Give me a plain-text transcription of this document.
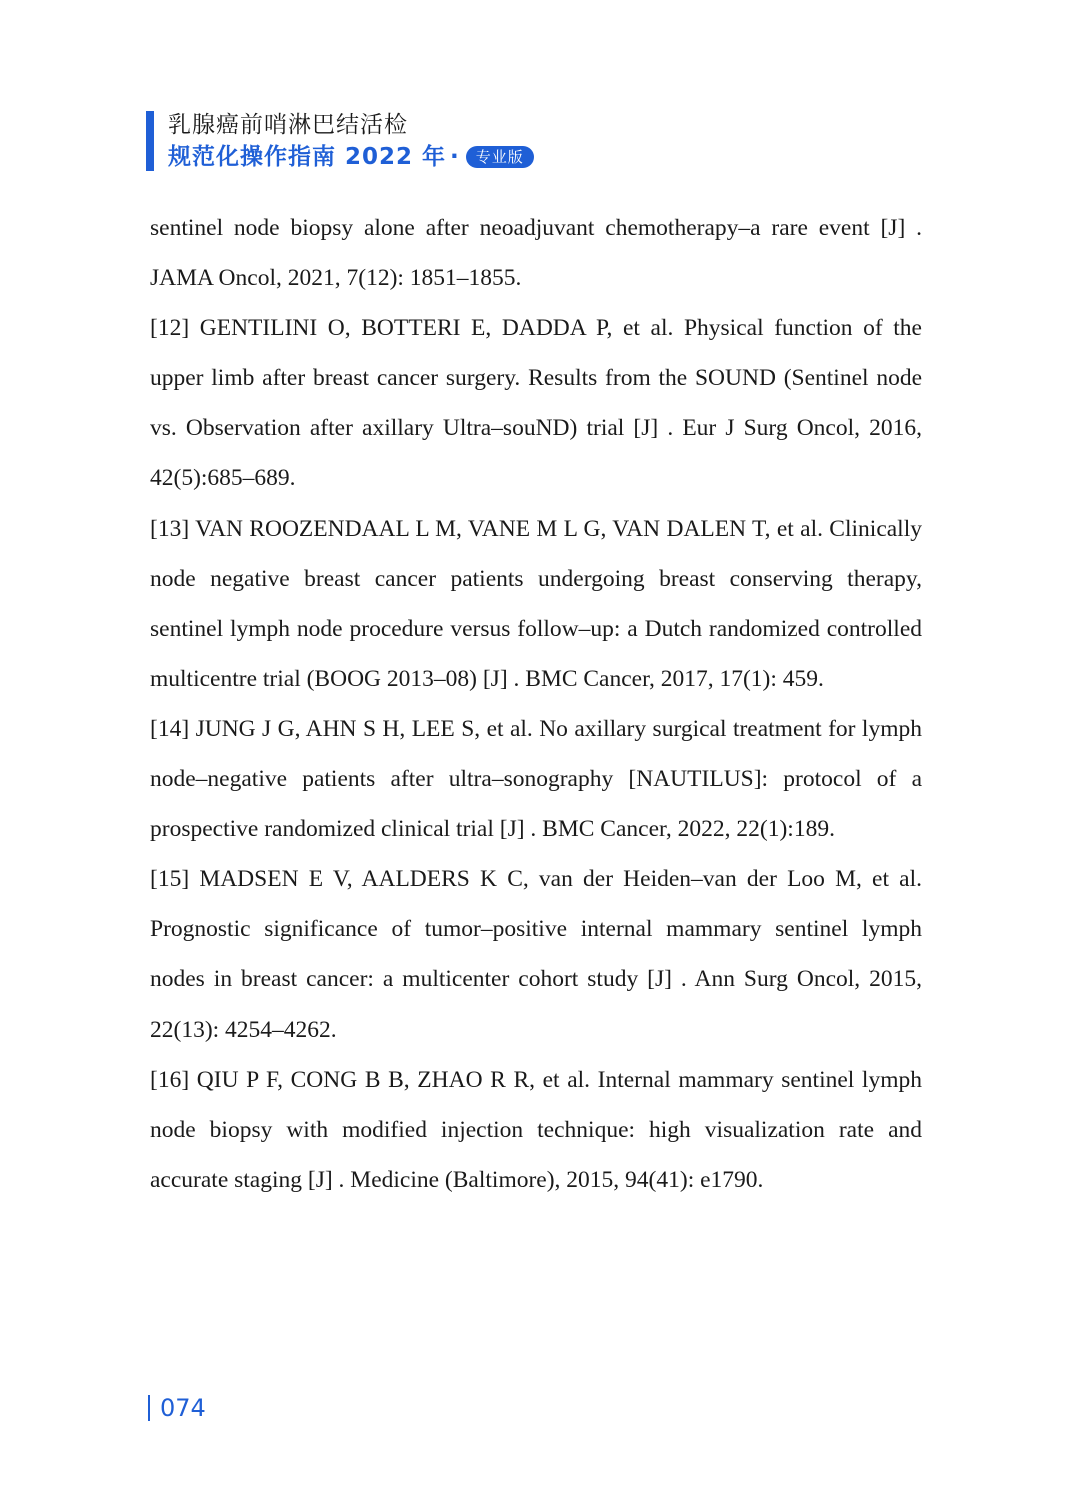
乳腺癌前哨淋巴结活检
规范化操作指南 2022 年 ·	专业版

sentinel node biopsy alone after neoadjuvant chemotherapy–a rare event [J] . JAMA Oncol, 2021, 7(12): 1851–1855.

[12] GENTILINI O, BOTTERI E, DADDA P, et al. Physical function of the upper limb after breast cancer surgery. Results from the SOUND (Sentinel node vs. Observation after axillary Ultra–souND) trial [J] . Eur J Surg Oncol, 2016, 42(5):685–689.

[13] VAN ROOZENDAAL L M, VANE M L G, VAN DALEN T, et al. Clinically node negative breast cancer patients undergoing breast conserving therapy, sentinel lymph node procedure versus follow–up: a Dutch randomized controlled multicentre trial (BOOG 2013–08) [J] . BMC Cancer, 2017, 17(1): 459.

[14] JUNG J G, AHN S H, LEE S, et al. No axillary surgical treatment for lymph node–negative patients after ultra–sonography [NAUTILUS]: protocol of a prospective randomized clinical trial [J] . BMC Cancer, 2022, 22(1):189.

[15] MADSEN E V, AALDERS K C, van der Heiden–van der Loo M, et al. Prognostic significance of tumor–positive internal mammary sentinel lymph nodes in breast cancer: a multicenter cohort study [J] . Ann Surg Oncol, 2015, 22(13): 4254–4262.

[16] QIU P F, CONG B B, ZHAO R R, et al. Internal mammary sentinel lymph node biopsy with modified injection technique: high visualization rate and accurate staging [J] . Medicine (Baltimore), 2015, 94(41): e1790.

074
